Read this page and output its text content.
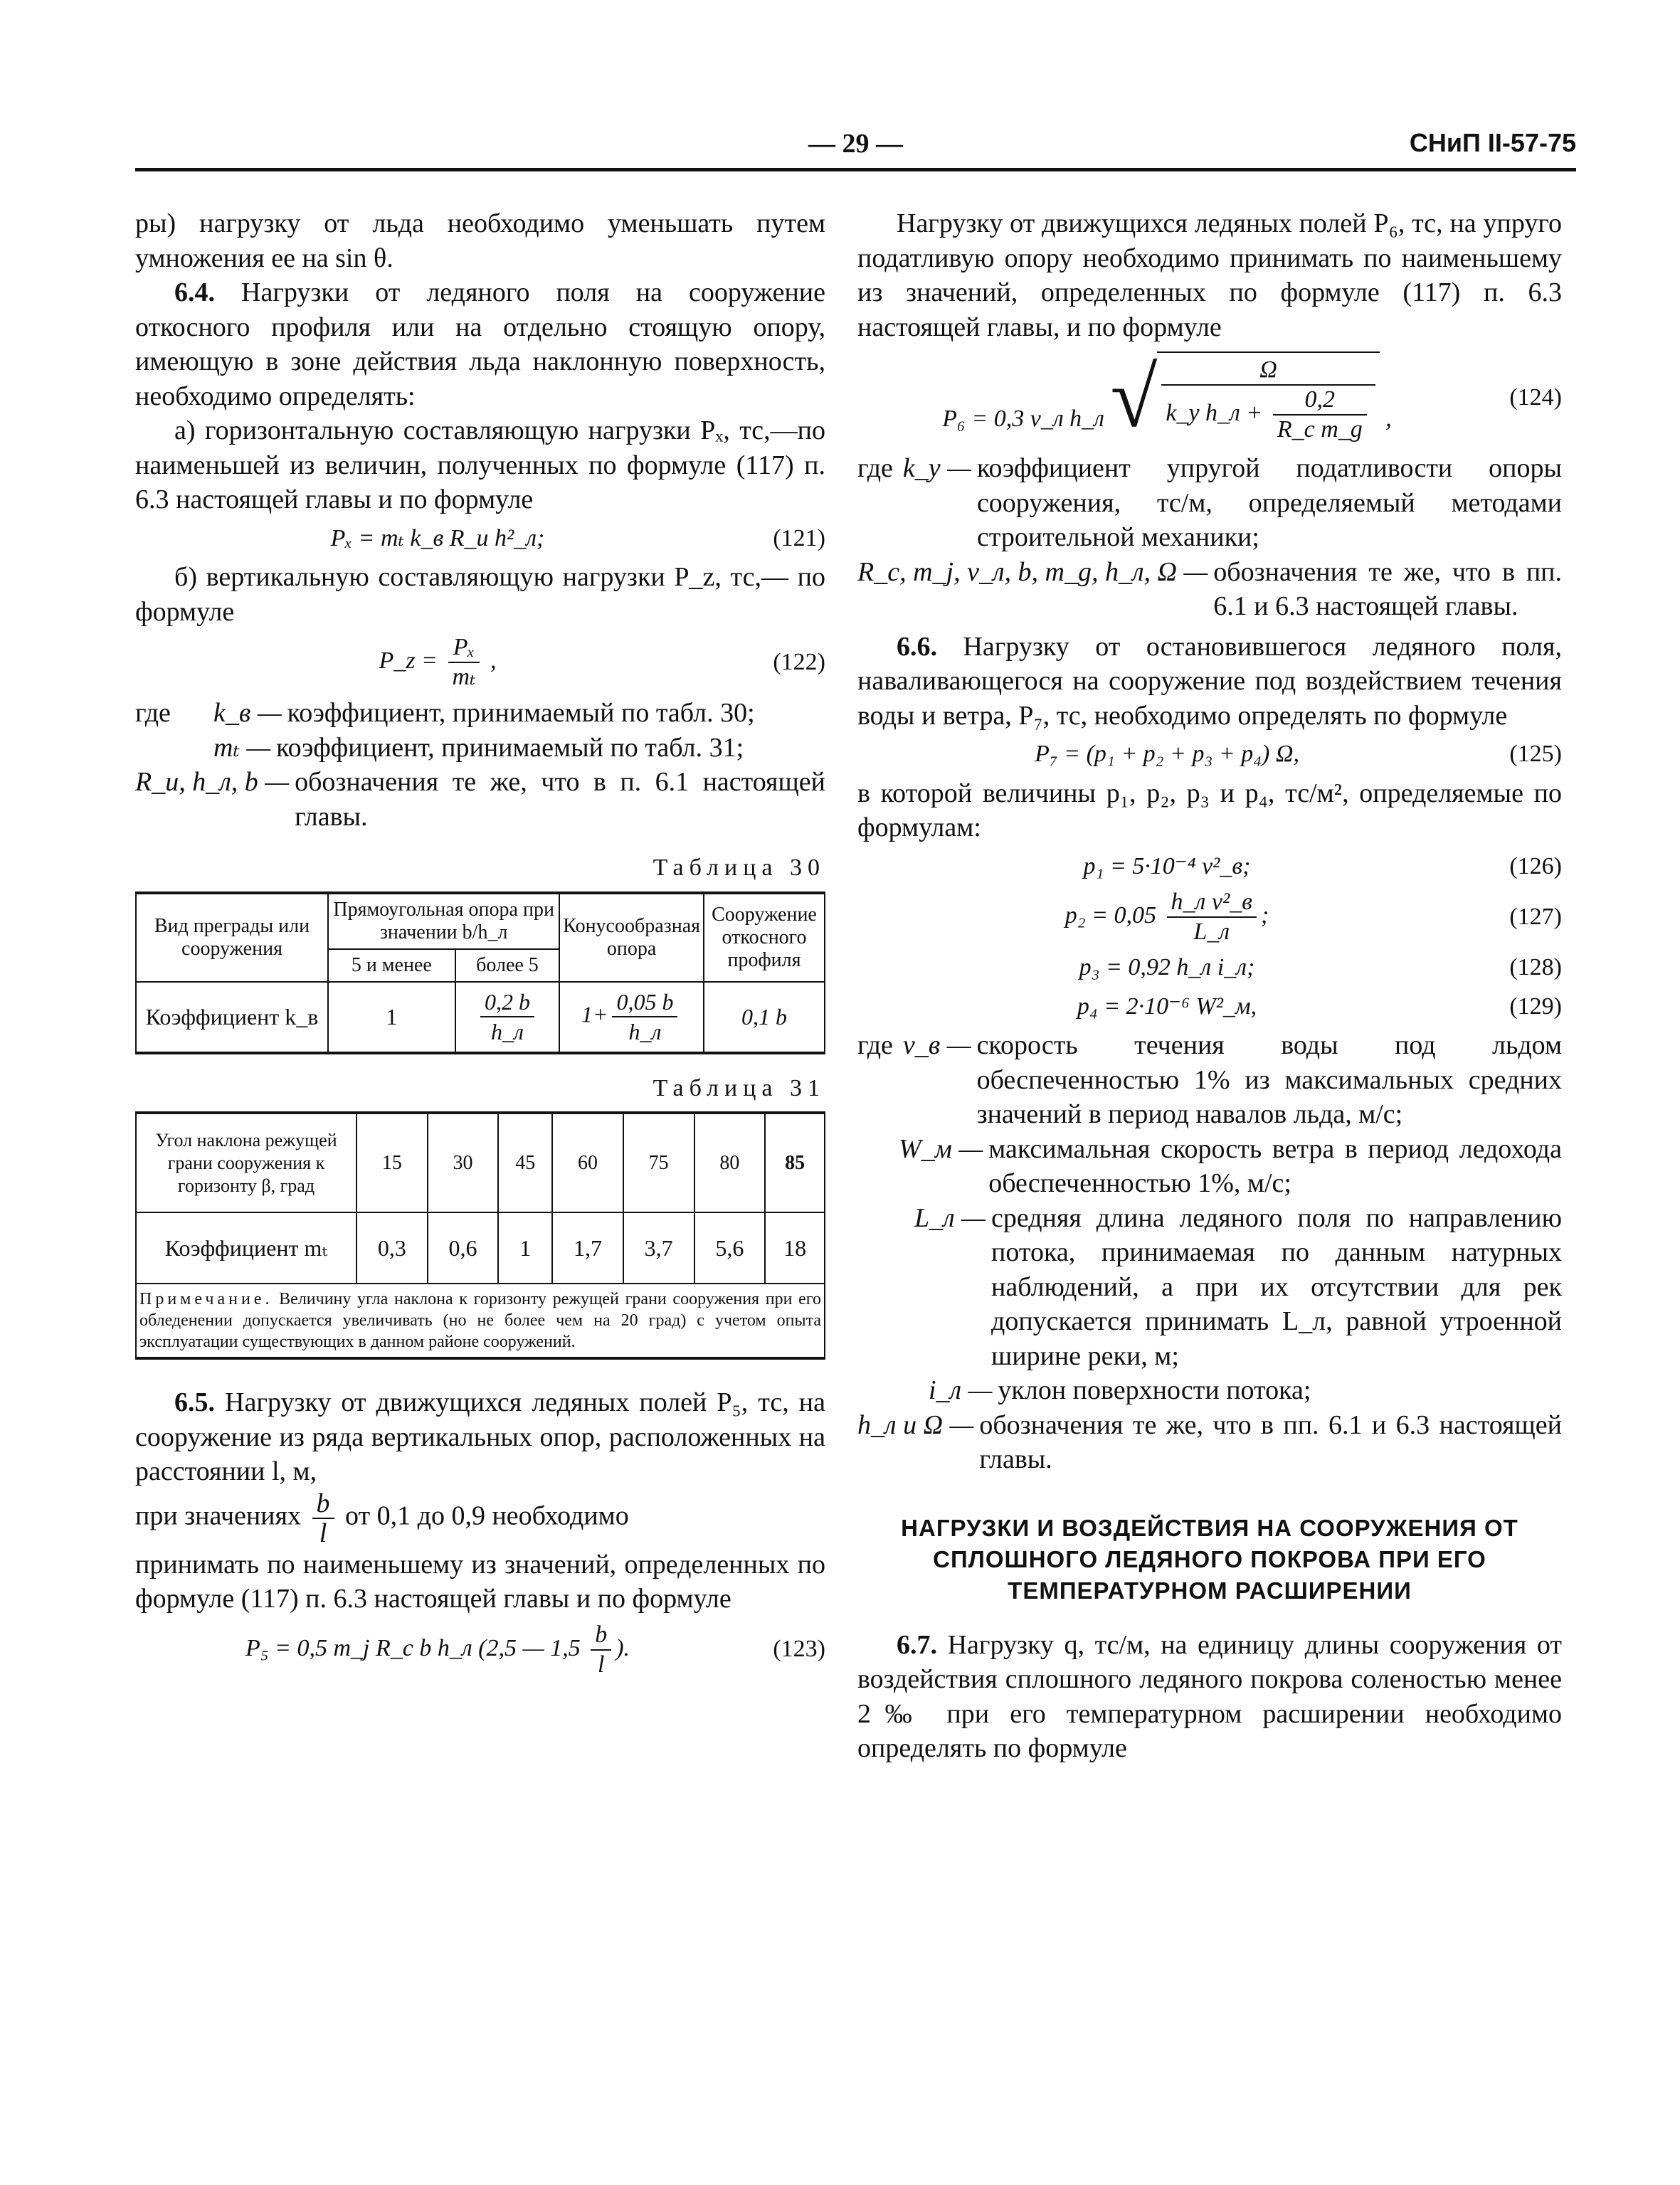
— 29 —	СНиП II-57-75

ры) нагрузку от льда необходимо уменьшать путем умножения ее на sin θ.

6.4. Нагрузки от ледяного поля на сооружение откосного профиля или на отдельно стоящую опору, имеющую в зоне действия льда наклонную поверхность, необходимо определять:

а) горизонтальную составляющую нагрузки Pₓ, тс,—по наименьшей из величин, полученных по формуле (117) п. 6.3 настоящей главы и по формуле

Pₓ = mₜ k_в R_и h²_л;	(121)

б) вертикальную составляющую нагрузки P_z, тс,— по формуле

P_z = $\frac{\text{Pₓ}}{\text{mₜ}}$ ,	(122)
где	k_в — коэффициент, принимаемый по табл. 30;
mₜ — коэффициент, принимаемый по табл. 31;
R_и, h_л, b — обозначения те же, что в п. 6.1 настоящей главы.
Таблица 30
Вид преграды или сооружения	Прямоугольная опора при значении b/h_л		Конусообразная опора	Сооружение откосного профиля
	5 и менее	более 5		
Коэффициент k_в	1	$\frac{0,2 b}{h\_л}$	$1+ \frac{0,05 b}{h\_л}$	0,1 b
Таблица 31
Угол наклона режущей грани сооружения к горизонту β, град	15	30	45	60	75	80	85
Коэффициент mₜ	0,3	0,6	1	1,7	3,7	5,6	18
Примечание. Величину угла наклона к горизонту режущей грани сооружения при его обледенении допускается увеличивать (но не более чем на 20 град) с учетом опыта эксплуатации существующих в данном районе сооружений.							

6.5. Нагрузку от движущихся ледяных полей P₅, тс, на сооружение из ряда вертикальных опор, расположенных на расстоянии l, м,

при значениях $\frac{b}{l}$ от 0,1 до 0,9 необходимо

принимать по наименьшему из значений, определенных по формуле (117) п. 6.3 настоящей главы и по формуле

P₅ = 0,5 m_j R_c b h_л (2,5 — $1,5 \frac{b}{l}$ ).	(123)

Нагрузку от движущихся ледяных полей P₆, тс, на упруго податливую опору необходимо принимать по наименьшему из значений, определенных по формуле (117) п. 6.3 настоящей главы, и по формуле

P₆ = 0,3 v_л h_л √ $\frac{\Omega}{k\_y h\_л + \frac{0,2}{\text{R\_c m\_g}}}$ ,
(124)
где k_y — коэффициент упругой податливости опоры сооружения, тс/м, определяемый методами строительной механики;
R_c, m_j, v_л, b, m_g, h_л, Ω — обозначения те же, что в пп. 6.1 и 6.3 настоящей главы.

6.6. Нагрузку от остановившегося ледяного поля, наваливающегося на сооружение под воздействием течения воды и ветра, P₇, тс, необходимо определять по формуле

P₇ = (p₁ + p₂ + p₃ + p₄) Ω,	(125)

в которой величины p₁, p₂, p₃ и p₄, тс/м², определяемые по формулам:

p₁ = 5·10⁻⁴ v²_в;	(126)
$p_2 = 0,05 \frac{\text{h\_л v²\_в}}{L\_л}$ ;	(127)
p₃ = 0,92 h_л i_л;	(128)
p₄ = 2·10⁻⁶ W²_м,	(129)
где v_в — скорость течения воды под льдом обеспеченностью 1% из максимальных средних значений в период навалов льда, м/с;
W_м — максимальная скорость ветра в период ледохода обеспеченностью 1%, м/с;
L_л — средняя длина ледяного поля по направлению потока, принимаемая по данным натурных наблюдений, а при их отсутствии для рек допускается принимать L_л, равной утроенной ширине реки, м;
i_л — уклон поверхности потока;
h_л и Ω — обозначения те же, что в пп. 6.1 и 6.3 настоящей главы.
НАГРУЗКИ И ВОЗДЕЙСТВИЯ НА СООРУЖЕНИЯ ОТ СПЛОШНОГО ЛЕДЯНОГО ПОКРОВА ПРИ ЕГО ТЕМПЕРАТУРНОМ РАСШИРЕНИИ

6.7. Нагрузку q, тс/м, на единицу длины сооружения от воздействия сплошного ледяного покрова соленостью менее 2‰ при его температурном расширении необходимо определять по формуле
